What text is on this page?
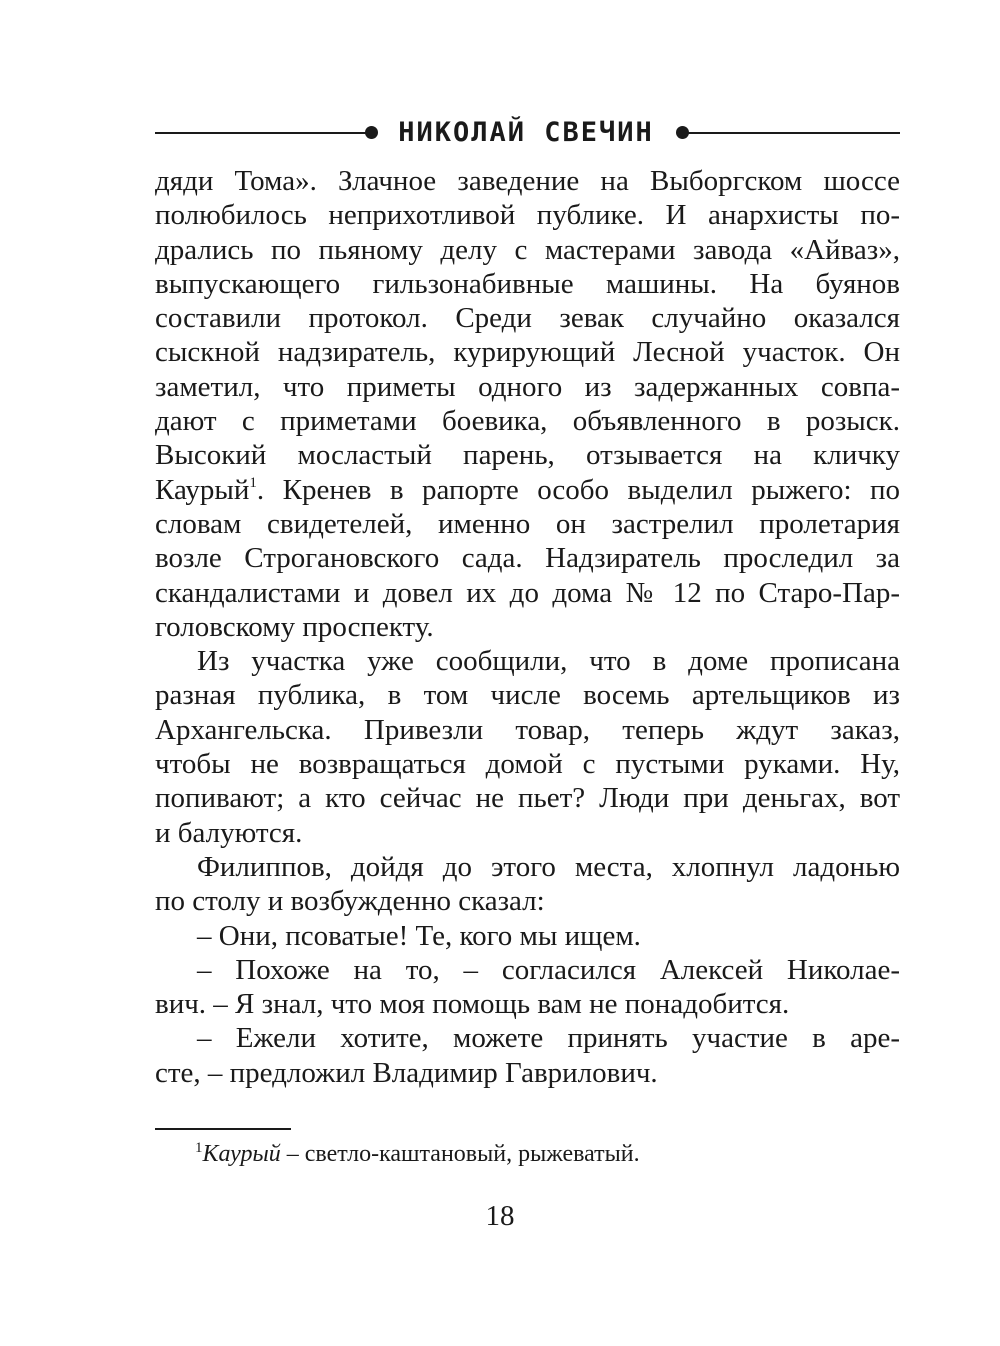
НИКОЛАЙ СВЕЧИН

дяди Тома». Злачное заведение на Выборгском шоссе
полюбилось неприхотливой публике. И анархисты по-
дрались по пьяному делу с мастерами завода «Айваз»,
выпускающего гильзонабивные машины. На буянов
составили протокол. Среди зевак случайно оказался
сыскной надзиратель, курирующий Лесной участок. Он
заметил, что приметы одного из задержанных совпа-
дают с приметами боевика, объявленного в розыск.
Высокий мосластый парень, отзывается на кличку
Каурый$^1$. Кренев в рапорте особо выделил рыжего: по
словам свидетелей, именно он застрелил пролетария
возле Строгановского сада. Надзиратель проследил за
скандалистами и довел их до дома № 12 по Старо-Пар-
головскому проспекту.

Из участка уже сообщили, что в доме прописана
разная публика, в том числе восемь артельщиков из
Архангельска. Привезли товар, теперь ждут заказ,
чтобы не возвращаться домой с пустыми руками. Ну,
попивают; а кто сейчас не пьет? Люди при деньгах, вот
и балуются.

Филиппов, дойдя до этого места, хлопнул ладонью
по столу и возбужденно сказал:

– Они, псоватые! Те, кого мы ищем.

– Похоже на то, – согласился Алексей Николае-
вич. – Я знал, что моя помощь вам не понадобится.

– Ежели хотите, можете принять участие в аре-
сте, – предложил Владимир Гаврилович.

$^1$Каурый – светло-каштановый, рыжеватый.
18
